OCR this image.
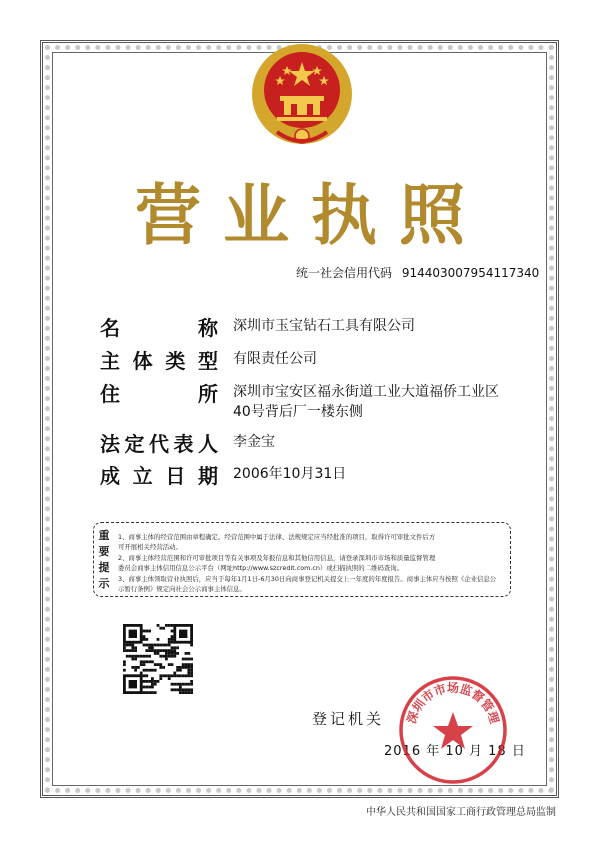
营业执照
统一社会信用代码 914403007954117340
名	称 深圳市玉宝钻石工具有限公司
主 体 类 型 有限责任公司
住	所 深圳市宝安区福永街道工业大道福侨工业区
40号背后厂一楼东侧
法 定 代 表 人 李金宝
成 立 日 期 2006年10月31日
重要提示
1、商事主体的经营范围由章程确定。经营范围中属于法律、法规规定应当经批准的项目，取得许可审批文件后方
可开展相关经营活动。
2、商事主体经营范围和许可审批项目等有关事项及年报信息和其他信用信息，请登录深圳市市场和质量监督管理
委员会商事主体信用信息公示平台（网址http://www.szcredit.com.cn）或扫描执照的二维码查询。
3、商事主体领取营业执照后，应当于每年1月1日-6月30日向商事登记机关提交上一年度的年度报告。商事主体应当按照《企业信息公
示暂行条例》规定向社会公示商事主体信息。
登记机关
2016 年 10 月 18 日
深圳市市场监督管理
中华人民共和国国家工商行政管理总局监制
